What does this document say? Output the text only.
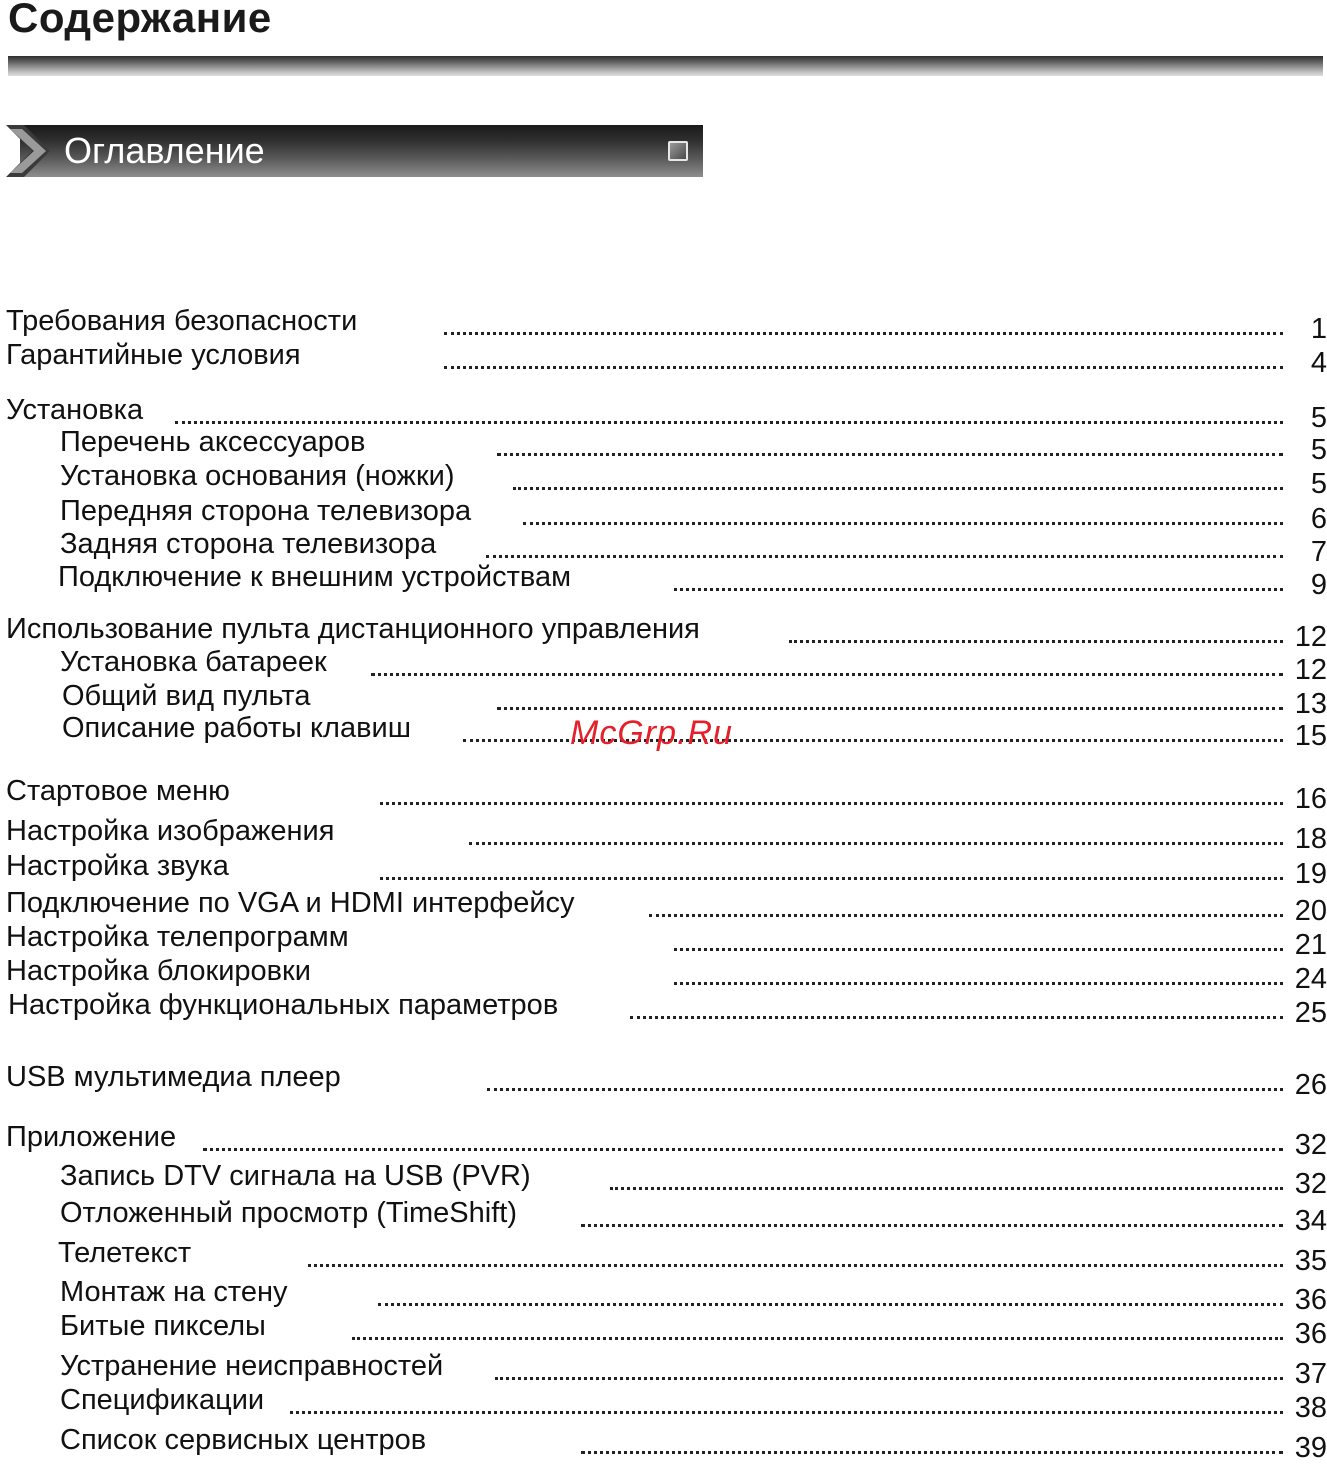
Содержание
Оглавление
Требования безопасности	1
Гарантийные условия	4
Установка	5
Перечень аксессуаров	5
Установка основания (ножки)	5
Передняя сторона телевизора	6
Задняя сторона телевизора	7
Подключение к внешним устройствам	9
Использование пульта дистанционного управления	12
Установка батареек	12
Общий вид пульта	13
Описание работы клавиш	15
Стартовое меню	16
Настройка изображения	18
Настройка звука	19
Подключение по VGA и HDMI интерфейсу	20
Настройка телепрограмм	21
Настройка блокировки	24
Настройка функциональных параметров	25
USB мультимедиа плеер	26
Приложение	32
Запись DTV сигнала на USB (PVR)	32
Отложенный просмотр (TimeShift)	34
Телетекст	35
Монтаж на стену	36
Битые пикселы	36
Устранение неисправностей	37
Спецификации	38
Список сервисных центров	39
McGrp.Ru
